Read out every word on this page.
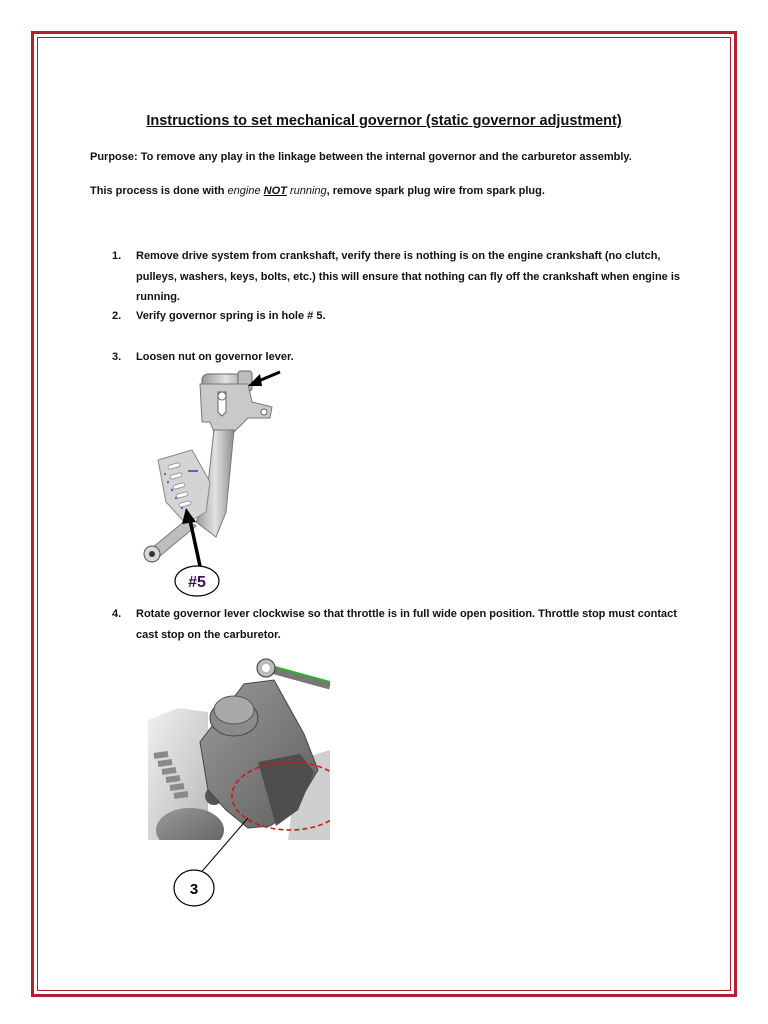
Instructions to set mechanical governor (static governor adjustment)
Purpose: To remove any play in the linkage between the internal governor and the carburetor assembly.
This process is done with engine NOT running, remove spark plug wire from spark plug.
1. Remove drive system from crankshaft, verify there is nothing is on the engine crankshaft (no clutch, pulleys, washers, keys, bolts, etc.) this will ensure that nothing can fly off the crankshaft when engine is running.
2. Verify governor spring is in hole # 5.
3. Loosen nut on governor lever.
4. Rotate governor lever clockwise so that throttle is in full wide open position. Throttle stop must contact cast stop on the carburetor.
#5
3
